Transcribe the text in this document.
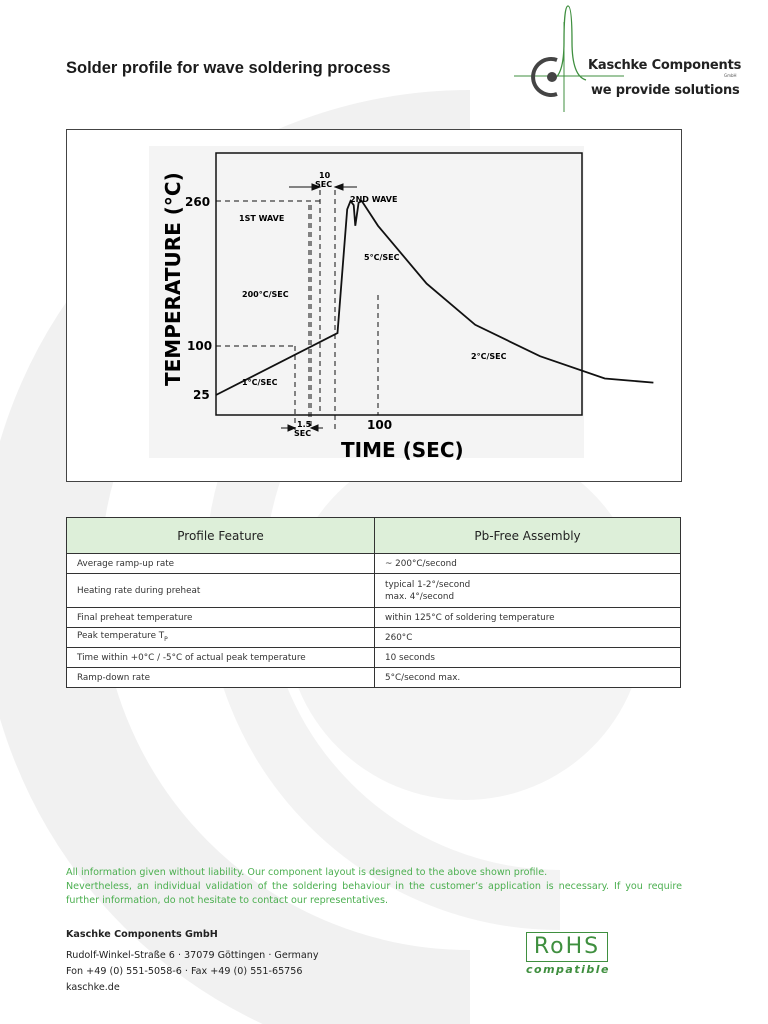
Solder profile for wave soldering process	Kaschke Components
GmbH
we provide solutions
260
100
25
100
TIME (SEC)
TEMPERATURE (°C)	10
SEC
2ND WAVE
1ST WAVE
5°C/SEC
200°C/SEC
1°C/SEC
2°C/SEC
1.5
SEC
Profile Feature	Pb-Free Assembly
Average ramp-up rate	~ 200°C/second
Heating rate during preheat	typical 1-2°/second
max. 4°/second

Final preheat temperature	within 125°C of soldering temperature
Peak temperature $T_P$	260°C
Time within +0°C / -5°C of actual peak temperature	10 seconds
Ramp-down rate	5°C/second max.

All information given without liability. Our component layout is designed to the above shown profile.

Nevertheless, an individual validation of the soldering behaviour in the customer’s application is necessary. If you require further information, do not hesitate to contact our representatives.

Kaschke Components GmbH
Rudolf-Winkel-Straße 6 · 37079 Göttingen · Germany
Fon +49 (0) 551-5058-6 · Fax +49 (0) 551-65756
kaschke.de
RoHS
compatible
